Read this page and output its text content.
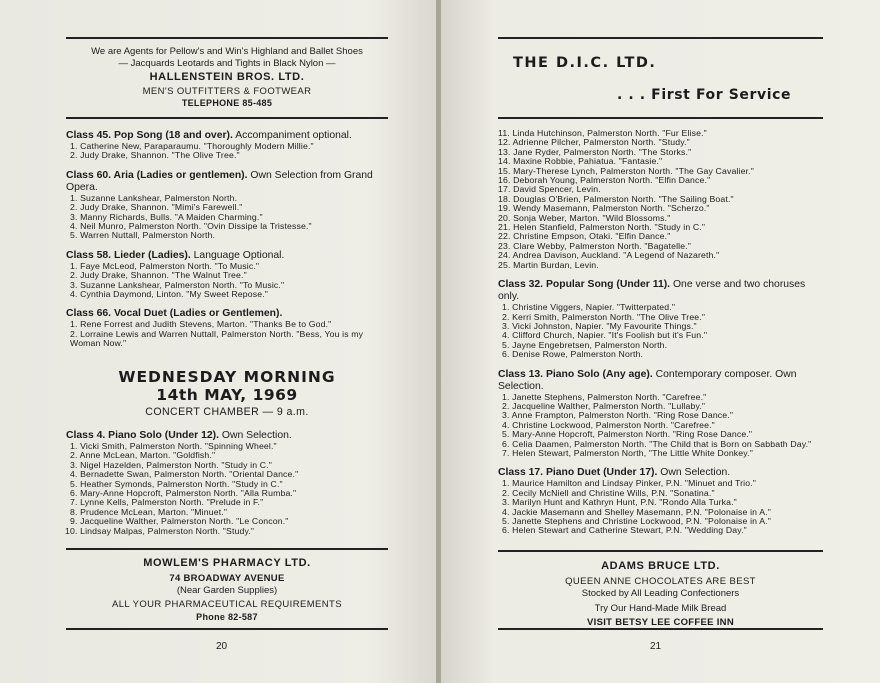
We are Agents for Pellow's and Win's Highland and Ballet Shoes
— Jacquards Leotards and Tights in Black Nylon —
HALLENSTEIN BROS. LTD.
MEN'S OUTFITTERS & FOOTWEAR
TELEPHONE 85-485

Class 45. Pop Song (18 and over). Accompaniment optional.

1. Catherine New, Paraparaumu. "Thoroughly Modern Millie."
2. Judy Drake, Shannon. "The Olive Tree."

Class 60. Aria (Ladies or gentlemen). Own Selection from Grand Opera.

1. Suzanne Lankshear, Palmerston North.
2. Judy Drake, Shannon. "Mimi's Farewell."
3. Manny Richards, Bulls. "A Maiden Charming."
4. Neil Munro, Palmerston North. "Ovin Dissipe la Tristesse."
5. Warren Nuttall, Palmerston North.

Class 58. Lieder (Ladies). Language Optional.

1. Faye McLeod, Palmerston North. "To Music."
2. Judy Drake, Shannon. "The Walnut Tree."
3. Suzanne Lankshear, Palmerston North. "To Music."
4. Cynthia Daymond, Linton. "My Sweet Repose."

Class 66. Vocal Duet (Ladies or Gentlemen).

1. Rene Forrest and Judith Stevens, Marton. "Thanks Be to God."
2. Lorraine Lewis and Warren Nuttall, Palmerston North. "Bess, You is my Woman Now."
WEDNESDAY MORNING
14th MAY, 1969
CONCERT CHAMBER — 9 a.m.

Class 4. Piano Solo (Under 12). Own Selection.

1. Vicki Smith, Palmerston North. "Spinning Wheel."
2. Anne McLean, Marton. "Goldfish."
3. Nigel Hazelden, Palmerston North. "Study in C."
4. Bernadette Swan, Palmerston North. "Oriental Dance."
5. Heather Symonds, Palmerston North. "Study in C."
6. Mary-Anne Hopcroft, Palmerston North. "Alla Rumba."
7. Lynne Kells, Palmerston North. "Prelude in F."
8. Prudence McLean, Marton. "Minuet."
9. Jacqueline Walther, Palmerston North. "Le Concon."
10. Lindsay Malpas, Palmerston North. "Study."
MOWLEM'S PHARMACY LTD.
74 BROADWAY AVENUE
(Near Garden Supplies)
ALL YOUR PHARMACEUTICAL REQUIREMENTS
Phone 82-587
20
THE D.I.C. LTD.
. . . First For Service
11. Linda Hutchinson, Palmerston North. "Fur Elise."
12. Adrienne Pilcher, Palmerston North. "Study."
13. Jane Ryder, Palmerston North. "The Storks."
14. Maxine Robbie, Pahiatua. "Fantasie."
15. Mary-Therese Lynch, Palmerston North. "The Gay Cavalier."
16. Deborah Young, Palmerston North. "Elfin Dance."
17. David Spencer, Levin.
18. Douglas O'Brien, Palmerston North. "The Sailing Boat."
19. Wendy Masemann, Palmerston North. "Scherzo."
20. Sonja Weber, Marton. "Wild Blossoms."
21. Helen Stanfield, Palmerston North. "Study in C."
22. Christine Empson, Otaki. "Elfin Dance."
23. Clare Webby, Palmerston North. "Bagatelle."
24. Andrea Davison, Auckland. "A Legend of Nazareth."
25. Martin Burdan, Levin.

Class 32. Popular Song (Under 11). One verse and two choruses only.

1. Christine Viggers, Napier. "Twitterpated."
2. Kerri Smith, Palmerston North. "The Olive Tree."
3. Vicki Johnston, Napier. "My Favourite Things."
4. Clifford Church, Napier. "It's Foolish but it's Fun."
5. Jayne Engebretsen, Palmerston North.
6. Denise Rowe, Palmerston North.

Class 13. Piano Solo (Any age). Contemporary composer. Own Selection.

1. Janette Stephens, Palmerston North. "Carefree."
2. Jacqueline Walther, Palmerston North. "Lullaby."
3. Anne Frampton, Palmerston North. "Ring Rose Dance."
4. Christine Lockwood, Palmerston North. "Carefree."
5. Mary-Anne Hopcroft, Palmerston North. "Ring Rose Dance."
6. Celia Daamen, Palmerston North. "The Child that is Born on Sabbath Day."
7. Helen Stewart, Palmerston North, "The Little White Donkey."

Class 17. Piano Duet (Under 17). Own Selection.

1. Maurice Hamilton and Lindsay Pinker, P.N. "Minuet and Trio."
2. Cecily McNiell and Christine Wills, P.N. "Sonatina."
3. Marilyn Hunt and Kathryn Hunt, P.N. "Rondo Alla Turka."
4. Jackie Masemann and Shelley Masemann, P.N. "Polonaise in A."
5. Janette Stephens and Christine Lockwood, P.N. "Polonaise in A."
6. Helen Stewart and Catherine Stewart, P.N. "Wedding Day."
ADAMS BRUCE LTD.
QUEEN ANNE CHOCOLATES ARE BEST
Stocked by All Leading Confectioners
Try Our Hand-Made Milk Bread
VISIT BETSY LEE COFFEE INN
21
